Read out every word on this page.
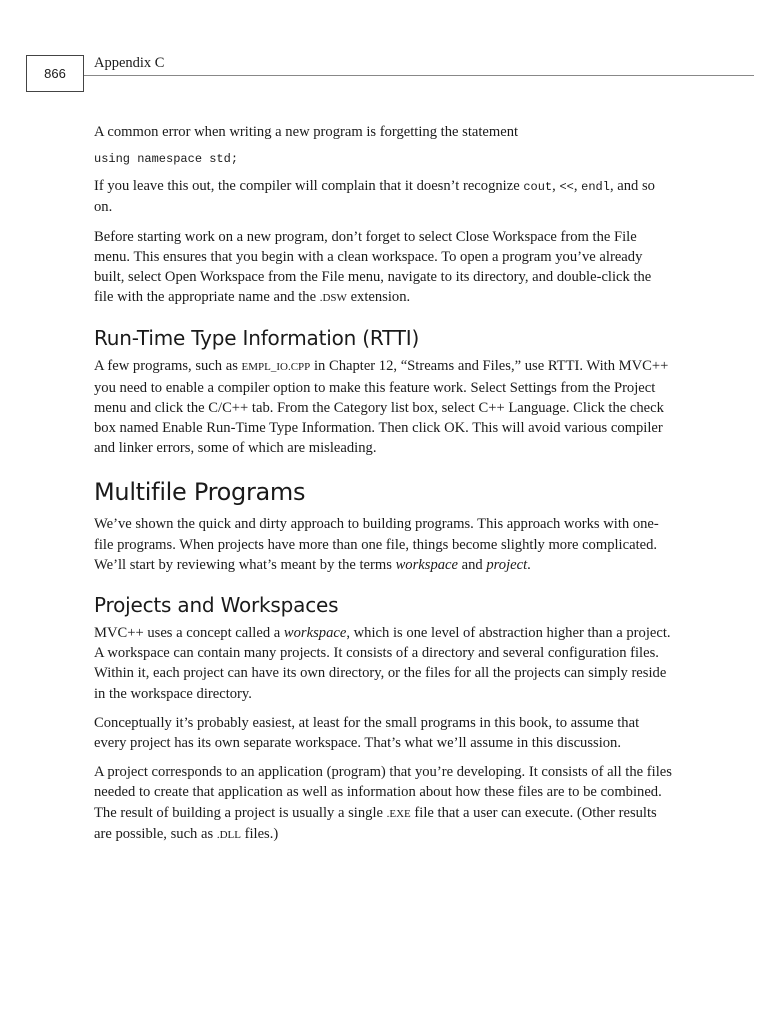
866
Appendix C

A common error when writing a new program is forgetting the statement

using namespace std;

If you leave this out, the compiler will complain that it doesn’t recognize cout, <<, endl, and so on.

Before starting work on a new program, don’t forget to select Close Workspace from the File menu. This ensures that you begin with a clean workspace. To open a program you’ve already built, select Open Workspace from the File menu, navigate to its directory, and double-click the file with the appropriate name and the .DSW extension.

Run-Time Type Information (RTTI)

A few programs, such as EMPL_IO.CPP in Chapter 12, “Streams and Files,” use RTTI. With MVC++ you need to enable a compiler option to make this feature work. Select Settings from the Project menu and click the C/C++ tab. From the Category list box, select C++ Language. Click the check box named Enable Run-Time Type Information. Then click OK. This will avoid various compiler and linker errors, some of which are misleading.

Multifile Programs

We’ve shown the quick and dirty approach to building programs. This approach works with one-file programs. When projects have more than one file, things become slightly more complicated. We’ll start by reviewing what’s meant by the terms workspace and project.

Projects and Workspaces

MVC++ uses a concept called a workspace, which is one level of abstraction higher than a project. A workspace can contain many projects. It consists of a directory and several configuration files. Within it, each project can have its own directory, or the files for all the projects can simply reside in the workspace directory.

Conceptually it’s probably easiest, at least for the small programs in this book, to assume that every project has its own separate workspace. That’s what we’ll assume in this discussion.

A project corresponds to an application (program) that you’re developing. It consists of all the files needed to create that application as well as information about how these files are to be combined. The result of building a project is usually a single .EXE file that a user can execute. (Other results are possible, such as .DLL files.)
